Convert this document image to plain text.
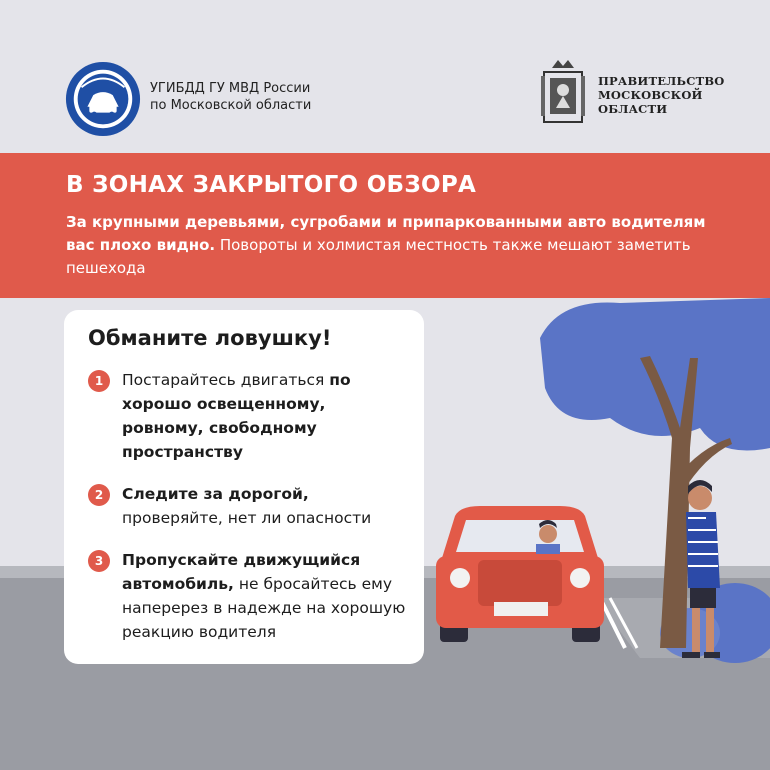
УГИБДД ГУ МВД России
по Московской области
ПРАВИТЕЛЬСТВО
МОСКОВСКОЙ
ОБЛАСТИ
В ЗОНАХ ЗАКРЫТОГО ОБЗОРА
За крупными деревьями, сугробами и припаркованными авто водителям вас плохо видно. Повороты и холмистая местность также мешают заметить пешехода
Обманите ловушку!
1	Постарайтесь двигаться по хорошо освещенному, ровному, свободному пространству
2	Следите за дорогой, проверяйте, нет ли опасности
3	Пропускайте движущийся автомобиль, не бросайтесь ему наперерез в надежде на хорошую реакцию водителя
